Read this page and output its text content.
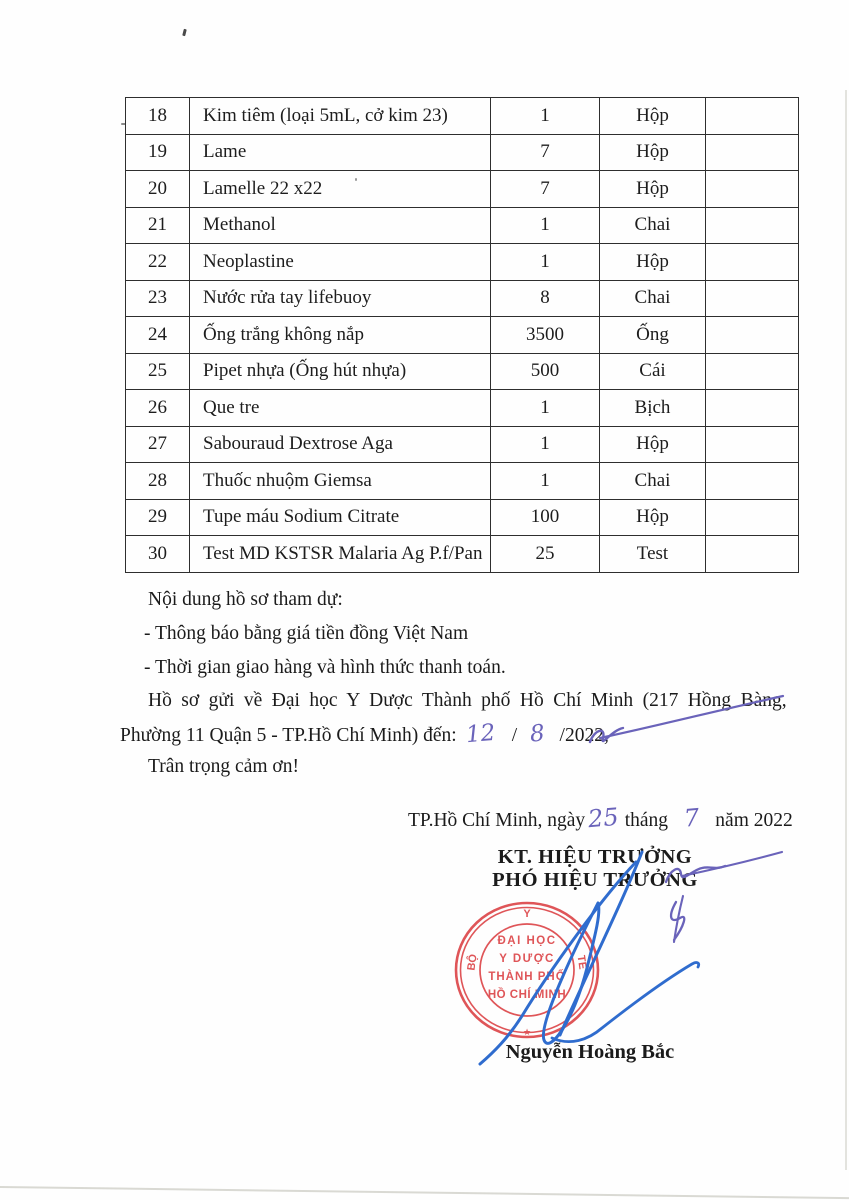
18	Kim tiêm (loại 5mL, cở kim 23)	1	Hộp	
19	Lame	7	Hộp	
20	Lamelle 22 x22	7	Hộp	
21	Methanol	1	Chai	
22	Neoplastine	1	Hộp	
23	Nước rửa tay lifebuoy	8	Chai	
24	Ống trắng không nắp	3500	Ống	
25	Pipet nhựa (Ống hút nhựa)	500	Cái	
26	Que tre	1	Bịch	
27	Sabouraud Dextrose Aga	1	Hộp	
28	Thuốc nhuộm Giemsa	1	Chai	
29	Tupe máu Sodium Citrate	100	Hộp	
30	Test MD KSTSR Malaria Ag P.f/Pan	25	Test	
Nội dung hồ sơ tham dự:
- Thông báo bằng giá tiền đồng Việt Nam
- Thời gian giao hàng và hình thức thanh toán.
Hồ sơ gửi về Đại học Y Dược Thành phố Hồ Chí Minh (217 Hồng Bàng,
Phường 11 Quận 5 - TP.Hồ Chí Minh) đến: 12 / 8 /2022,
Trân trọng cảm ơn!
TP.Hồ Chí Minh, ngày25 tháng 7 năm 2022
KT. HIỆU TRƯỞNG
PHÓ HIỆU TRƯỞNG
Y
BỘ	TẾ
★
ĐẠI HỌC
Y DƯỢC
THÀNH PHỐ
HỒ CHÍ MINH
Nguyễn Hoàng Bắc
